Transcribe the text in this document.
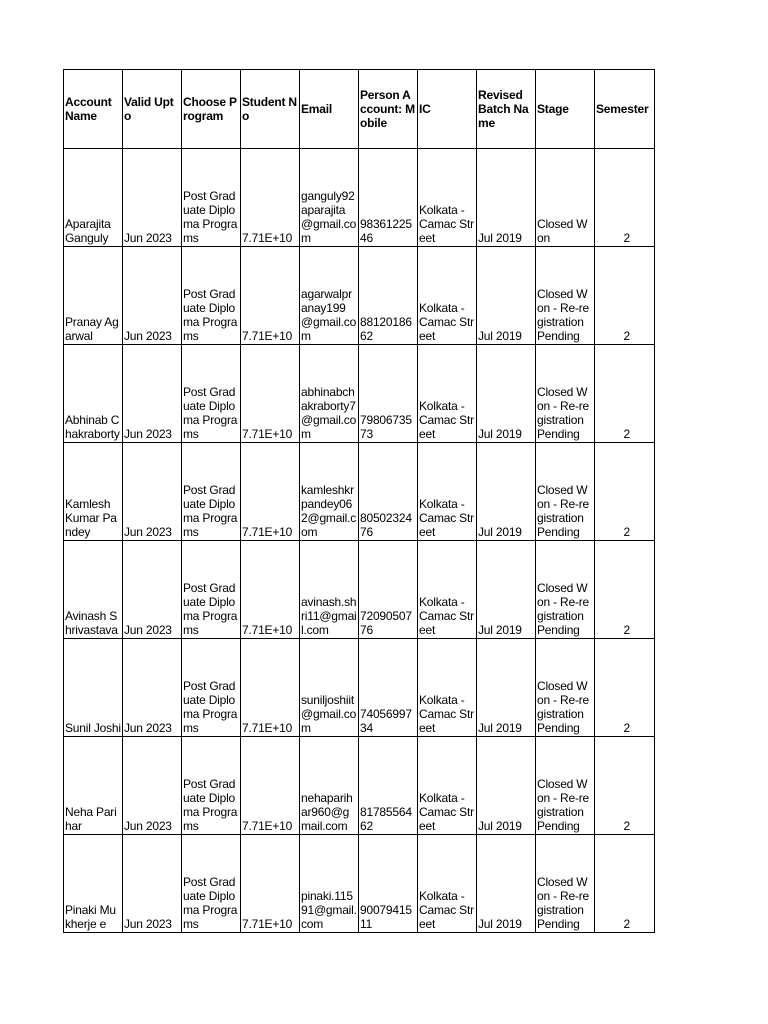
Account Name	Valid Upto	Choose Program	Student No	Email	Person Account: Mobile	IC	Revised Batch Name	Stage	Semester
Aparajita Ganguly	Jun 2023	Post Graduate Diploma Programs	7.71E+10	ganguly92aparajita@gmail.com	9836122546	Kolkata - Camac Street	Jul 2019	Closed Won	2
Pranay Agarwal	Jun 2023	Post Graduate Diploma Programs	7.71E+10	agarwalpranay199@gmail.com	8812018662	Kolkata - Camac Street	Jul 2019	Closed Won - Re-registration Pending	2
Abhinab Chakraborty	Jun 2023	Post Graduate Diploma Programs	7.71E+10	abhinabchakraborty7@gmail.com	7980673573	Kolkata - Camac Street	Jul 2019	Closed Won - Re-registration Pending	2
Kamlesh Kumar Pandey	Jun 2023	Post Graduate Diploma Programs	7.71E+10	kamleshkrpandey062@gmail.com	8050232476	Kolkata - Camac Street	Jul 2019	Closed Won - Re-registration Pending	2
Avinash Shrivastava	Jun 2023	Post Graduate Diploma Programs	7.71E+10	avinash.shri11@gmail.com	7209050776	Kolkata - Camac Street	Jul 2019	Closed Won - Re-registration Pending	2
Sunil Joshi	Jun 2023	Post Graduate Diploma Programs	7.71E+10	suniljoshiit@gmail.com	7405699734	Kolkata - Camac Street	Jul 2019	Closed Won - Re-registration Pending	2
Neha Parihar	Jun 2023	Post Graduate Diploma Programs	7.71E+10	nehaparihar960@gmail.com	8178556462	Kolkata - Camac Street	Jul 2019	Closed Won - Re-registration Pending	2
Pinaki Mukherje e	Jun 2023	Post Graduate Diploma Programs	7.71E+10	pinaki.11591@gmail.com	9007941511	Kolkata - Camac Street	Jul 2019	Closed Won - Re-registration Pending	2
